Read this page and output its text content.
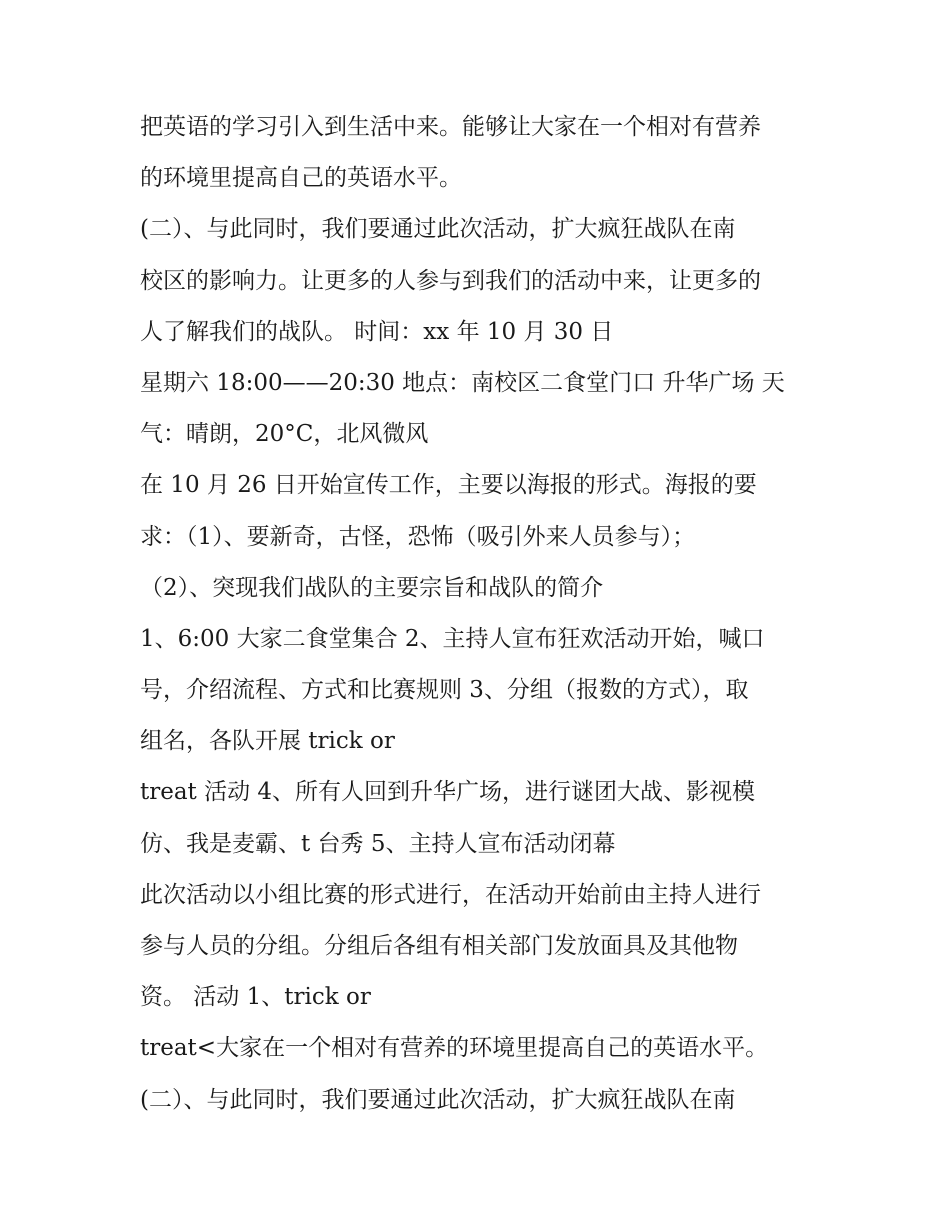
把英语的学习引入到生活中来。能够让大家在一个相对有营养
的环境里提高自己的英语水平。
(二）、与此同时，我们要通过此次活动，扩大疯狂战队在南
校区的影响力。让更多的人参与到我们的活动中来，让更多的
人了解我们的战队。 时间：xx 年 10 月 30 日
星期六 18:00——20:30 地点：南校区二食堂门口 升华广场 天
气：晴朗，20°C，北风微风
在 10 月 26 日开始宣传工作，主要以海报的形式。海报的要
求：（1）、要新奇，古怪，恐怖（吸引外来人员参与）；
（2）、突现我们战队的主要宗旨和战队的简介
1、6:00 大家二食堂集合 2、主持人宣布狂欢活动开始，喊口
号，介绍流程、方式和比赛规则 3、分组（报数的方式），取
组名，各队开展 trick or
treat 活动 4、所有人回到升华广场，进行谜团大战、影视模
仿、我是麦霸、t 台秀 5、主持人宣布活动闭幕
此次活动以小组比赛的形式进行，在活动开始前由主持人进行
参与人员的分组。分组后各组有相关部门发放面具及其他物
资。 活动 1、trick or
treat<大家在一个相对有营养的环境里提高自己的英语水平。
(二）、与此同时，我们要通过此次活动，扩大疯狂战队在南
